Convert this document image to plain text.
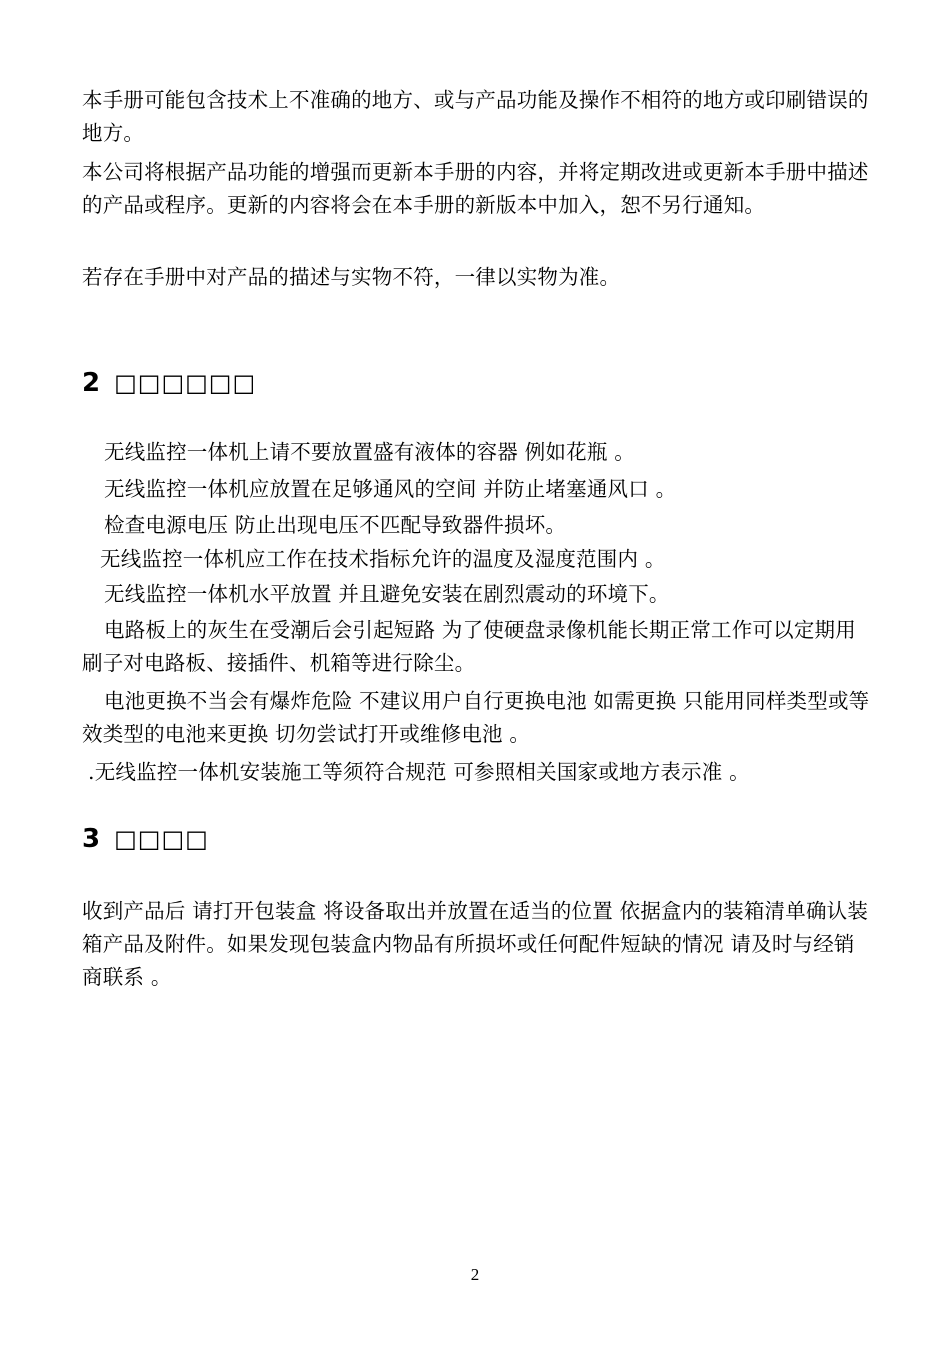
本手册可能包含技术上不准确的地方、或与产品功能及操作不相符的地方或印刷错误的地方。

本公司将根据产品功能的增强而更新本手册的内容，并将定期改进或更新本手册中描述的产品或程序。更新的内容将会在本手册的新版本中加入，恕不另行通知。

若存在手册中对产品的描述与实物不符，一律以实物为准。

2 □□□□□□

无线监控一体机上请不要放置盛有液体的容器 例如花瓶 。

无线监控一体机应放置在足够通风的空间 并防止堵塞通风口 。

检查电源电压 防止出现电压不匹配导致器件损坏。

无线监控一体机应工作在技术指标允许的温度及湿度范围内 。

无线监控一体机水平放置 并且避免安装在剧烈震动的环境下。

电路板上的灰生在受潮后会引起短路 为了使硬盘录像机能长期正常工作可以定期用刷子对电路板、接插件、机箱等进行除尘。

电池更换不当会有爆炸危险 不建议用户自行更换电池 如需更换 只能用同样类型或等效类型的电池来更换 切勿尝试打开或维修电池 。

.无线监控一体机安装施工等须符合规范 可参照相关国家或地方表示准 。

3 □□□□

收到产品后 请打开包装盒 将设备取出并放置在适当的位置 依据盒内的装箱清单确认装箱产品及附件。如果发现包装盒内物品有所损坏或任何配件短缺的情况 请及时与经销商联系 。

2
